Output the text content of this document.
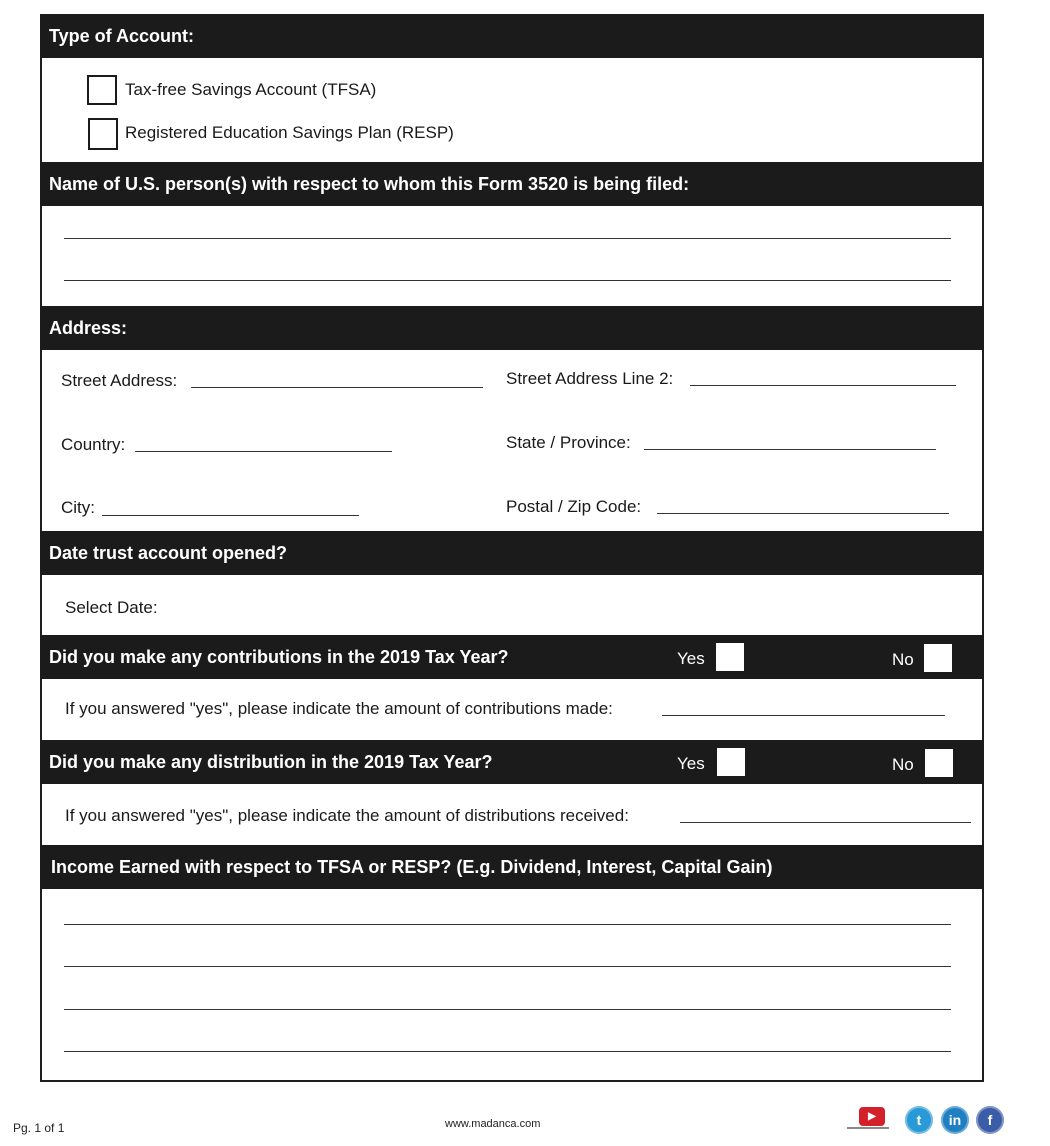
Type of Account:
Tax-free Savings Account (TFSA)
Registered Education Savings Plan (RESP)
Name of U.S. person(s) with respect to whom this Form 3520 is being filed:
Address:
Street Address:	Street Address Line 2:
Country:	State / Province:
City:	Postal / Zip Code:
Date trust account opened?
Select Date:
Did you make any contributions in the 2019 Tax Year?	Yes	No
If you answered "yes", please indicate the amount of contributions made:
Did you make any distribution in the 2019 Tax Year?	Yes	No
If you answered "yes", please indicate the amount of distributions received:
Income Earned with respect to TFSA or RESP? (E.g. Dividend, Interest, Capital Gain)
Pg. 1 of 1	www.madanca.com
▶	t	in	f
